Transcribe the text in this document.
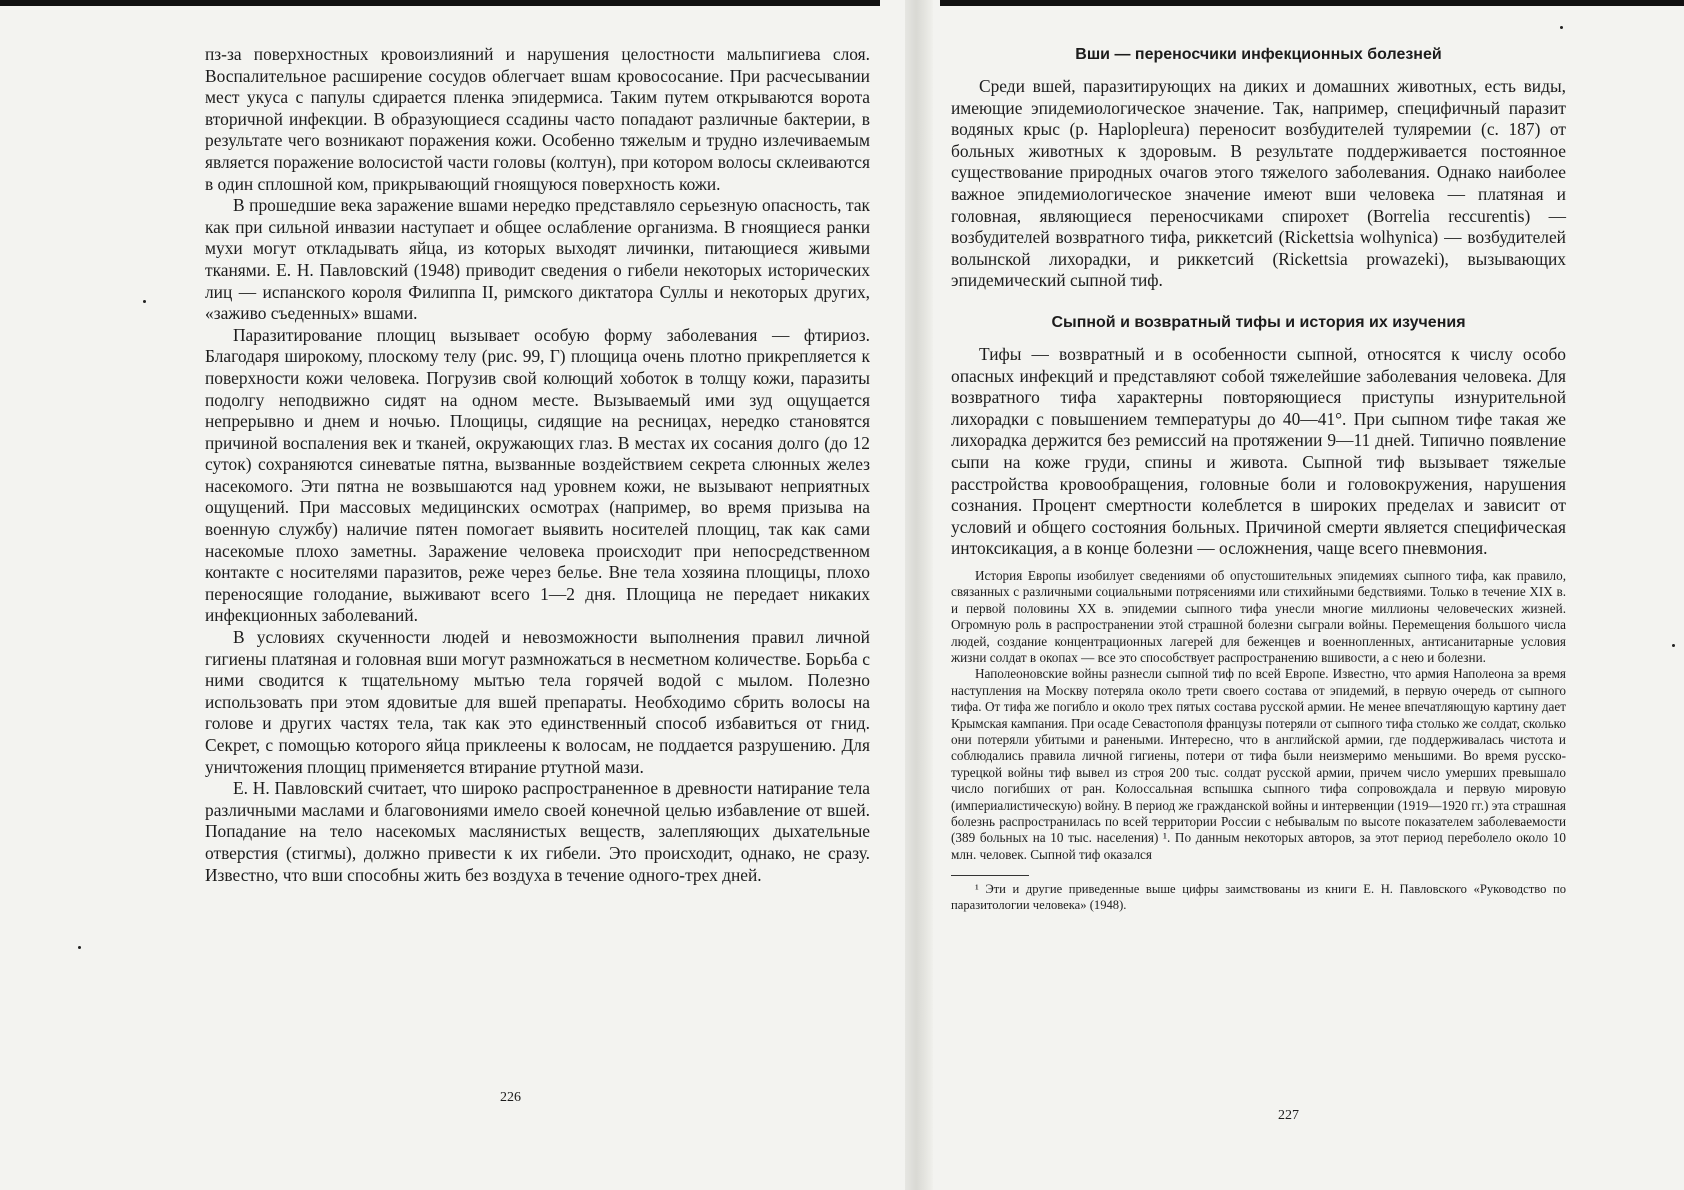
пз-за поверхностных кровоизлияний и нарушения целостности мальпигиева слоя. Воспалительное расширение сосудов облегчает вшам кровососание. При расчесывании мест укуса с папулы сдирается пленка эпидермиса. Таким путем открываются ворота вторичной инфекции. В образующиеся ссадины часто попадают различные бактерии, в результате чего возникают поражения кожи. Особенно тяжелым и трудно излечиваемым является поражение волосистой части головы (колтун), при котором волосы склеиваются в один сплошной ком, прикрывающий гноящуюся поверхность кожи.

В прошедшие века заражение вшами нередко представляло серьезную опасность, так как при сильной инвазии наступает и общее ослабление организма. В гноящиеся ранки мухи могут откладывать яйца, из которых выходят личинки, питающиеся живыми тканями. Е. Н. Павловский (1948) приводит сведения о гибели некоторых исторических лиц — испанского короля Филиппа II, римского диктатора Суллы и некоторых других, «заживо съеденных» вшами.

Паразитирование площиц вызывает особую форму заболевания — фтириоз. Благодаря широкому, плоскому телу (рис. 99, Г) площица очень плотно прикрепляется к поверхности кожи человека. Погрузив свой колющий хоботок в толщу кожи, паразиты подолгу неподвижно сидят на одном месте. Вызываемый ими зуд ощущается непрерывно и днем и ночью. Площицы, сидящие на ресницах, нередко становятся причиной воспаления век и тканей, окружающих глаз. В местах их сосания долго (до 12 суток) сохраняются синеватые пятна, вызванные воздействием секрета слюнных желез насекомого. Эти пятна не возвышаются над уровнем кожи, не вызывают неприятных ощущений. При массовых медицинских осмотрах (например, во время призыва на военную службу) наличие пятен помогает выявить носителей площиц, так как сами насекомые плохо заметны. Заражение человека происходит при непосредственном контакте с носителями паразитов, реже через белье. Вне тела хозяина площицы, плохо переносящие голодание, выживают всего 1—2 дня. Площица не передает никаких инфекционных заболеваний.

В условиях скученности людей и невозможности выполнения правил личной гигиены платяная и головная вши могут размножаться в несметном количестве. Борьба с ними сводится к тщательному мытью тела горячей водой с мылом. Полезно использовать при этом ядовитые для вшей препараты. Необходимо сбрить волосы на голове и других частях тела, так как это единственный способ избавиться от гнид. Секрет, с помощью которого яйца приклеены к волосам, не поддается разрушению. Для уничтожения площиц применяется втирание ртутной мази.

Е. Н. Павловский считает, что широко распространенное в древности натирание тела различными маслами и благовониями имело своей конечной целью избавление от вшей. Попадание на тело насекомых маслянистых веществ, залепляющих дыхательные отверстия (стигмы), должно привести к их гибели. Это происходит, однако, не сразу. Известно, что вши способны жить без воздуха в течение одного-трех дней.

226
Вши — переносчики инфекционных болезней

Среди вшей, паразитирующих на диких и домашних животных, есть виды, имеющие эпидемиологическое значение. Так, например, специфичный паразит водяных крыс (р. Haplopleura) переносит возбудителей туляремии (с. 187) от больных животных к здоровым. В результате поддерживается постоянное существование природных очагов этого тяжелого заболевания. Однако наиболее важное эпидемиологическое значение имеют вши человека — платяная и головная, являющиеся переносчиками спирохет (Borrelia reccurentis) — возбудителей возвратного тифа, риккетсий (Rickettsia wolhynica) — возбудителей волынской лихорадки, и риккетсий (Rickettsia prowazeki), вызывающих эпидемический сыпной тиф.

Сыпной и возвратный тифы и история их изучения

Тифы — возвратный и в особенности сыпной, относятся к числу особо опасных инфекций и представляют собой тяжелейшие заболевания человека. Для возвратного тифа характерны повторяющиеся приступы изнурительной лихорадки с повышением температуры до 40—41°. При сыпном тифе такая же лихорадка держится без ремиссий на протяжении 9—11 дней. Типично появление сыпи на коже груди, спины и живота. Сыпной тиф вызывает тяжелые расстройства кровообращения, головные боли и головокружения, нарушения сознания. Процент смертности колеблется в широких пределах и зависит от условий и общего состояния больных. Причиной смерти является специфическая интоксикация, а в конце болезни — осложнения, чаще всего пневмония.

История Европы изобилует сведениями об опустошительных эпидемиях сыпного тифа, как правило, связанных с различными социальными потрясениями или стихийными бедствиями. Только в течение XIX в. и первой половины XX в. эпидемии сыпного тифа унесли многие миллионы человеческих жизней. Огромную роль в распространении этой страшной болезни сыграли войны. Перемещения большого числа людей, создание концентрационных лагерей для беженцев и военнопленных, антисанитарные условия жизни солдат в окопах — все это способствует распространению вшивости, а с нею и болезни.

Наполеоновские войны разнесли сыпной тиф по всей Европе. Известно, что армия Наполеона за время наступления на Москву потеряла около трети своего состава от эпидемий, в первую очередь от сыпного тифа. От тифа же погибло и около трех пятых состава русской армии. Не менее впечатляющую картину дает Крымская кампания. При осаде Севастополя французы потеряли от сыпного тифа столько же солдат, сколько они потеряли убитыми и ранеными. Интересно, что в английской армии, где поддерживалась чистота и соблюдались правила личной гигиены, потери от тифа были неизмеримо меньшими. Во время русско-турецкой войны тиф вывел из строя 200 тыс. солдат русской армии, причем число умерших превышало число погибших от ран. Колоссальная вспышка сыпного тифа сопровождала и первую мировую (империалистическую) войну. В период же гражданской войны и интервенции (1919—1920 гг.) эта страшная болезнь распространилась по всей территории России с небывалым по высоте показателем заболеваемости (389 больных на 10 тыс. населения) ¹. По данным некоторых авторов, за этот период переболело около 10 млн. человек. Сыпной тиф оказался

¹ Эти и другие приведенные выше цифры заимствованы из книги Е. Н. Павловского «Руководство по паразитологии человека» (1948).

227
